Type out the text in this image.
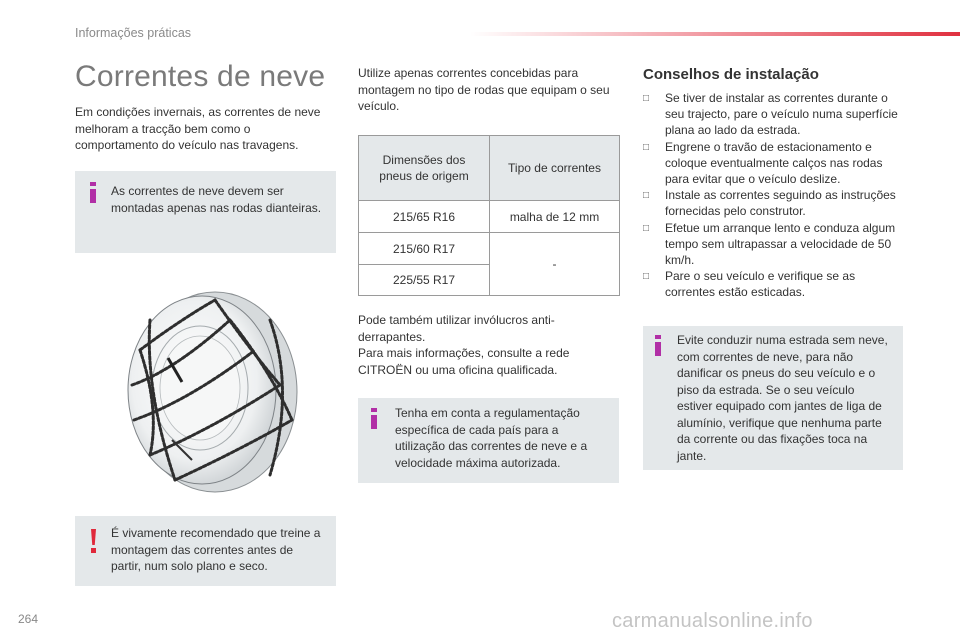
Informações práticas
Correntes de neve

Em condições invernais, as correntes de neve melhoram a tracção bem como o comportamento do veículo nas travagens.

As correntes de neve devem ser montadas apenas nas rodas dianteiras.
É vivamente recomendado que treine a montagem das correntes antes de partir, num solo plano e seco.

Utilize apenas correntes concebidas para montagem no tipo de rodas que equipam o seu veículo.

Dimensões dos pneus de origem	Tipo de correntes
215/65 R16	malha de 12 mm
215/60 R17	-
225/55 R17	

Pode também utilizar invólucros anti-derrapantes.

Para mais informações, consulte a rede CITROËN ou uma oficina qualificada.

Tenha em conta a regulamentação específica de cada país para a utilização das correntes de neve e a velocidade máxima autorizada.
Conselhos de instalação
□ Se tiver de instalar as correntes durante o seu trajecto, pare o veículo numa superfície plana ao lado da estrada.
□ Engrene o travão de estacionamento e coloque eventualmente calços nas rodas para evitar que o veículo deslize.
□ Instale as correntes seguindo as instruções fornecidas pelo construtor.
□ Efetue um arranque lento e conduza algum tempo sem ultrapassar a velocidade de 50 km/h.
□ Pare o seu veículo e verifique se as correntes estão esticadas.
Evite conduzir numa estrada sem neve, com correntes de neve, para não danificar os pneus do seu veículo e o piso da estrada. Se o seu veículo estiver equipado com jantes de liga de alumínio, verifique que nenhuma parte da corrente ou das fixações toca na jante.
264	carmanualsonline.info
